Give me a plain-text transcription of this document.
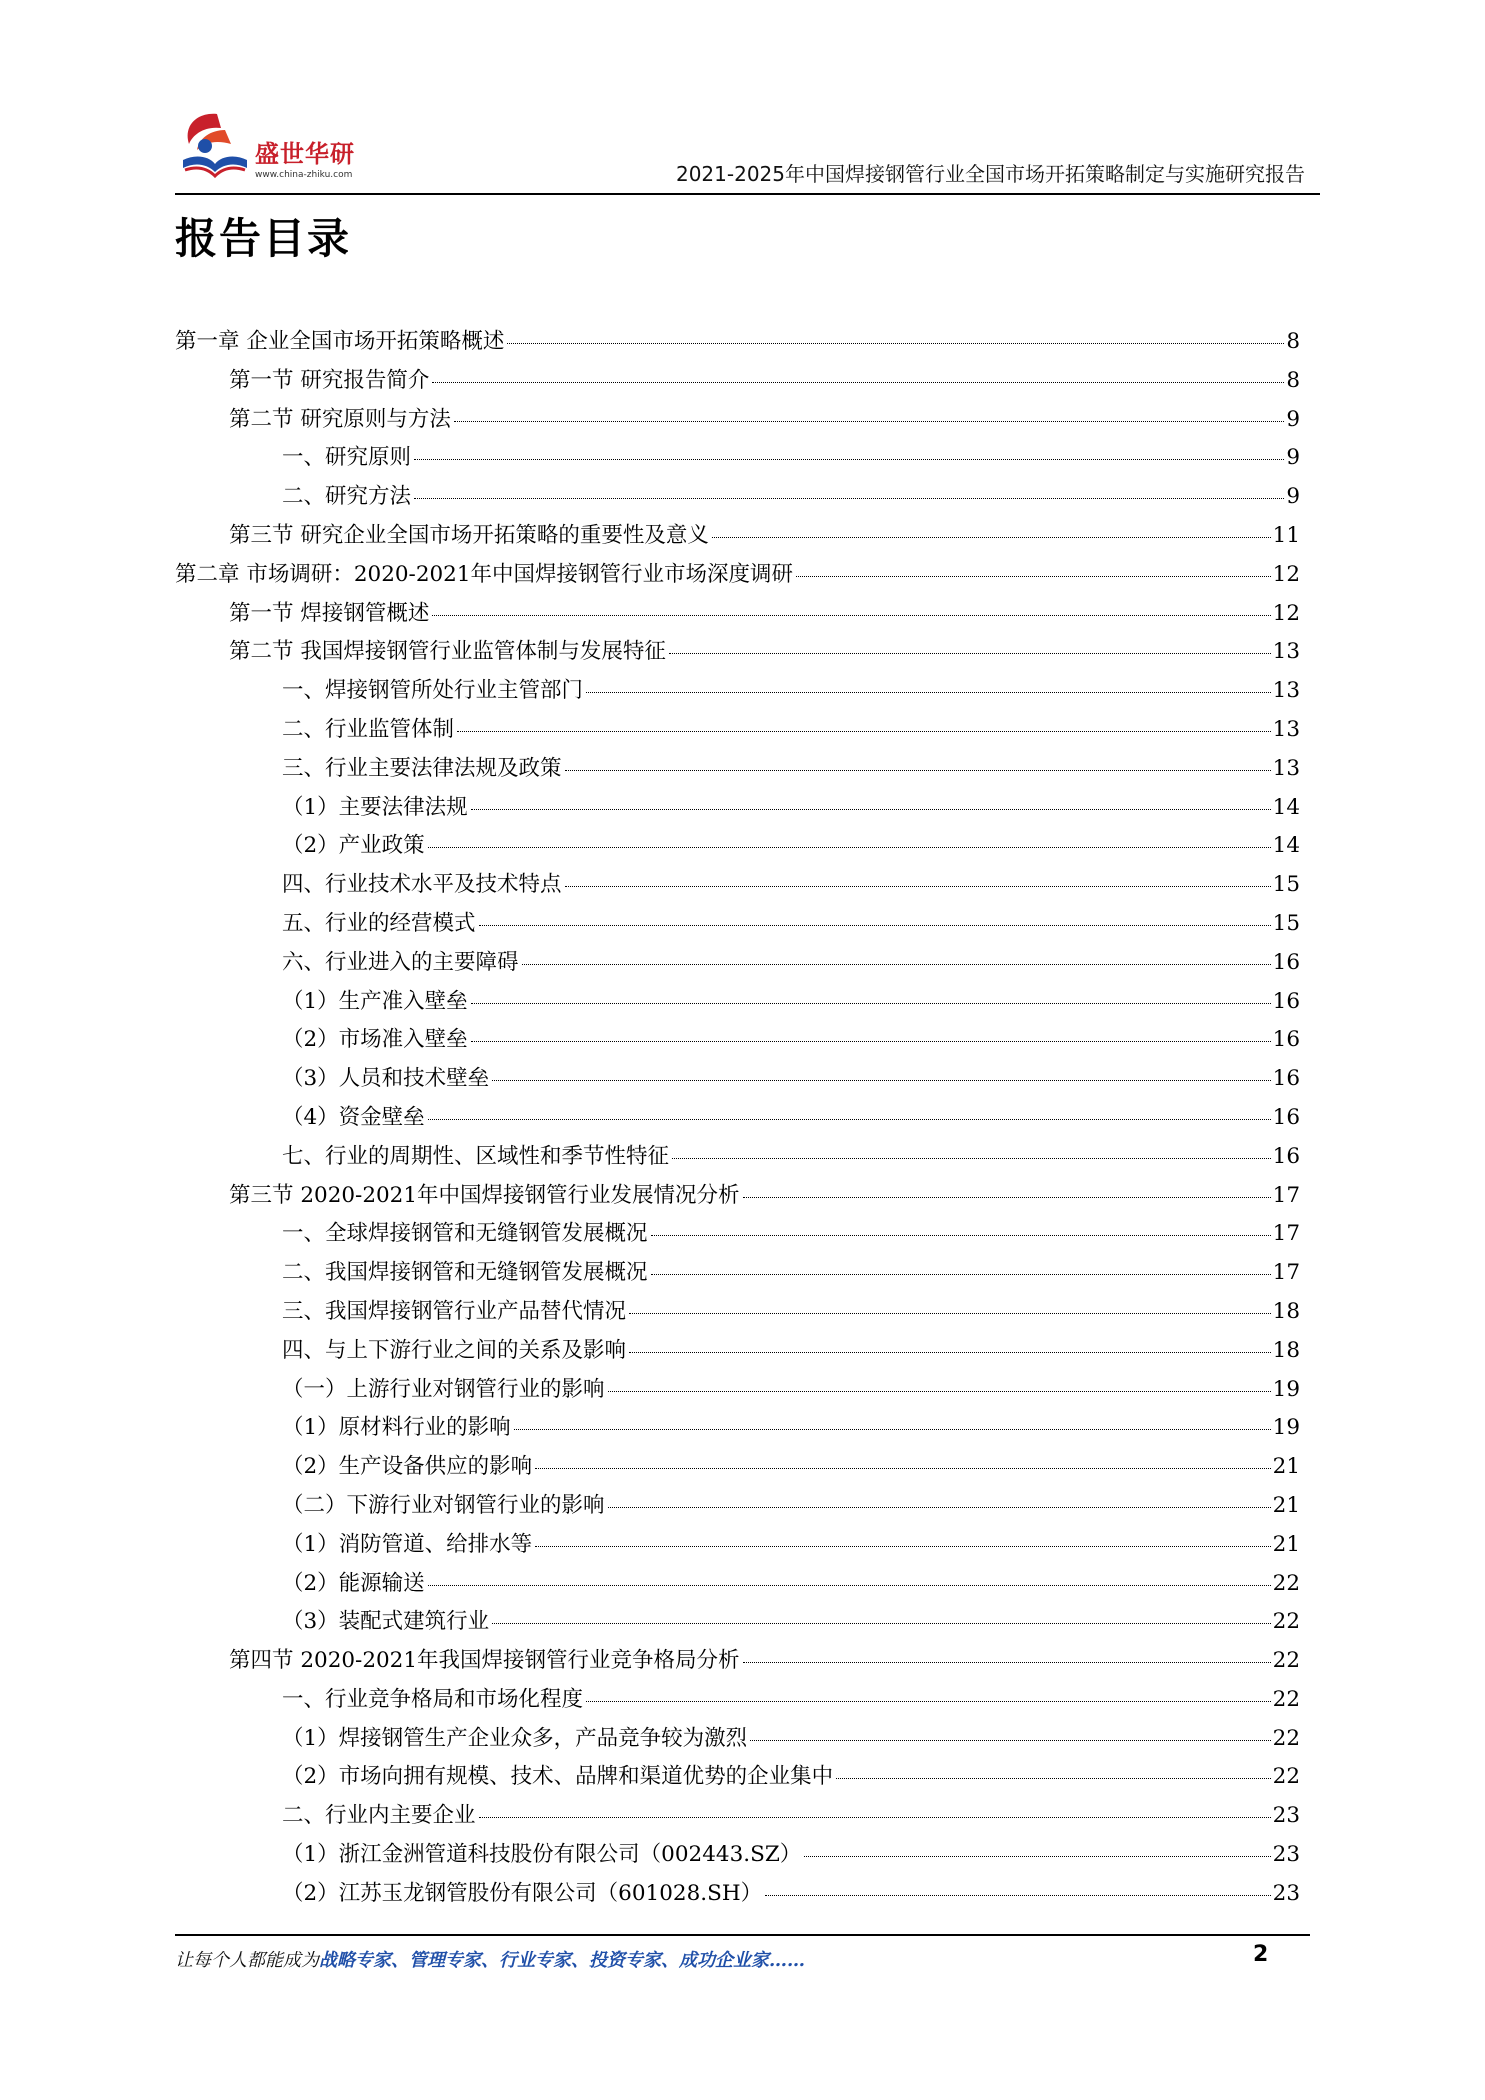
盛世华研
www.china-zhiku.com	2021-2025年中国焊接钢管行业全国市场开拓策略制定与实施研究报告
报告目录
第一章 企业全国市场开拓策略概述	8
第一节 研究报告简介	8
第二节 研究原则与方法	9
一、研究原则	9
二、研究方法	9
第三节 研究企业全国市场开拓策略的重要性及意义	11
第二章 市场调研：2020-2021年中国焊接钢管行业市场深度调研	12
第一节 焊接钢管概述	12
第二节 我国焊接钢管行业监管体制与发展特征	13
一、焊接钢管所处行业主管部门	13
二、行业监管体制	13
三、行业主要法律法规及政策	13
（1）主要法律法规	14
（2）产业政策	14
四、行业技术水平及技术特点	15
五、行业的经营模式	15
六、行业进入的主要障碍	16
（1）生产准入壁垒	16
（2）市场准入壁垒	16
（3）人员和技术壁垒	16
（4）资金壁垒	16
七、行业的周期性、区域性和季节性特征	16
第三节 2020-2021年中国焊接钢管行业发展情况分析	17
一、全球焊接钢管和无缝钢管发展概况	17
二、我国焊接钢管和无缝钢管发展概况	17
三、我国焊接钢管行业产品替代情况	18
四、与上下游行业之间的关系及影响	18
（一）上游行业对钢管行业的影响	19
（1）原材料行业的影响	19
（2）生产设备供应的影响	21
（二）下游行业对钢管行业的影响	21
（1）消防管道、给排水等	21
（2）能源输送	22
（3）装配式建筑行业	22
第四节 2020-2021年我国焊接钢管行业竞争格局分析	22
一、行业竞争格局和市场化程度	22
（1）焊接钢管生产企业众多，产品竞争较为激烈	22
（2）市场向拥有规模、技术、品牌和渠道优势的企业集中	22
二、行业内主要企业	23
（1）浙江金洲管道科技股份有限公司（002443.SZ）	23
（2）江苏玉龙钢管股份有限公司（601028.SH）	23
让每个人都能成为战略专家、管理专家、行业专家、投资专家、成功企业家……	2
